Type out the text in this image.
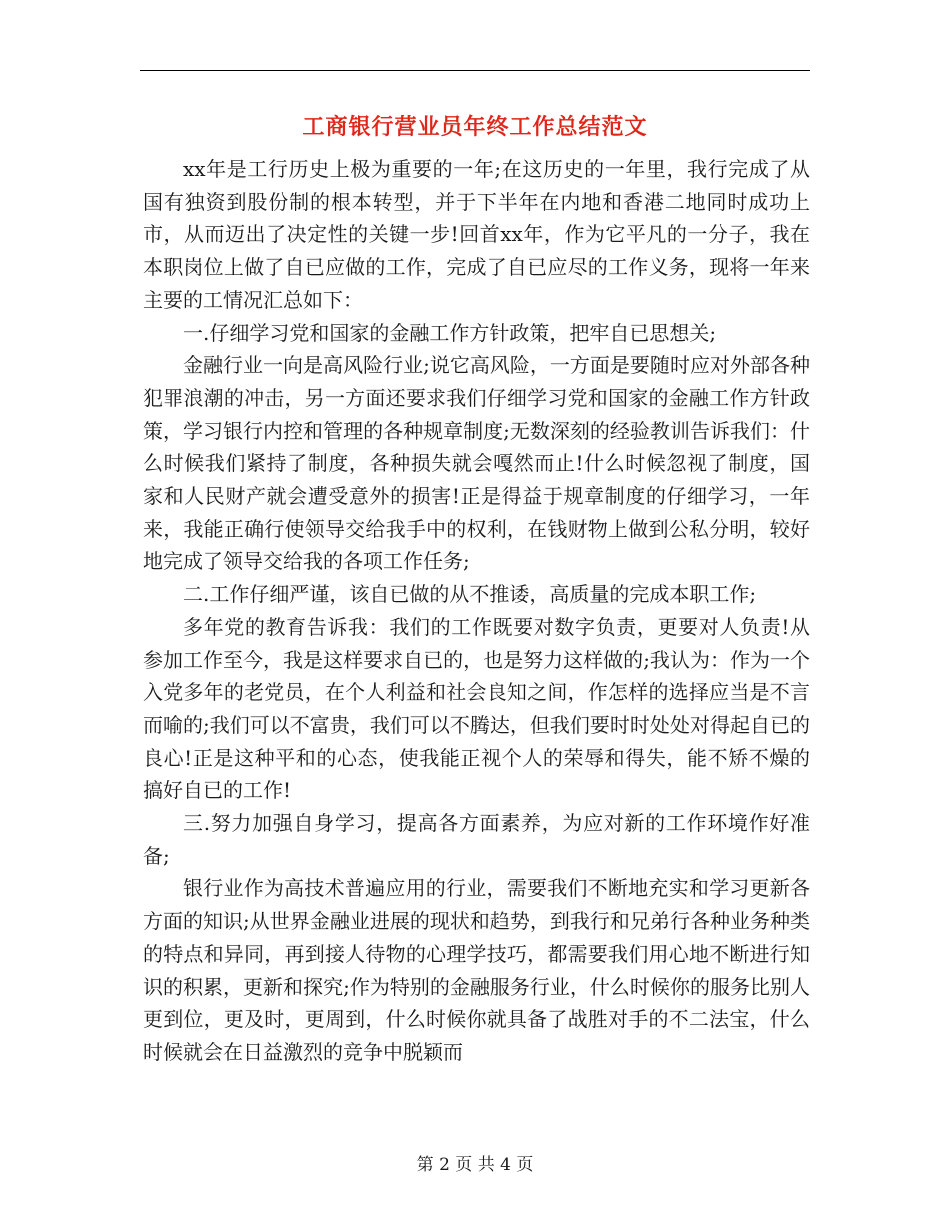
工商银行营业员年终工作总结范文

xx年是工行历史上极为重要的一年;在这历史的一年里，我行完成了从国有独资到股份制的根本转型，并于下半年在内地和香港二地同时成功上市，从而迈出了决定性的关键一步!回首xx年，作为它平凡的一分子，我在本职岗位上做了自已应做的工作，完成了自已应尽的工作义务，现将一年来主要的工情况汇总如下：

一.仔细学习党和国家的金融工作方针政策，把牢自已思想关;

金融行业一向是高风险行业;说它高风险，一方面是要随时应对外部各种犯罪浪潮的冲击，另一方面还要求我们仔细学习党和国家的金融工作方针政策，学习银行内控和管理的各种规章制度;无数深刻的经验教训告诉我们：什么时候我们紧持了制度，各种损失就会嘎然而止!什么时候忽视了制度，国家和人民财产就会遭受意外的损害!正是得益于规章制度的仔细学习，一年来，我能正确行使领导交给我手中的权利，在钱财物上做到公私分明，较好地完成了领导交给我的各项工作任务;

二.工作仔细严谨，该自已做的从不推诿，高质量的完成本职工作;

多年党的教育告诉我：我们的工作既要对数字负责，更要对人负责!从参加工作至今，我是这样要求自已的，也是努力这样做的;我认为：作为一个入党多年的老党员，在个人利益和社会良知之间，作怎样的选择应当是不言而喻的;我们可以不富贵，我们可以不腾达，但我们要时时处处对得起自已的良心!正是这种平和的心态，使我能正视个人的荣辱和得失，能不矫不燥的搞好自已的工作!

三.努力加强自身学习，提高各方面素养，为应对新的工作环境作好准备;

银行业作为高技术普遍应用的行业，需要我们不断地充实和学习更新各方面的知识;从世界金融业进展的现状和趋势，到我行和兄弟行各种业务种类的特点和异同，再到接人待物的心理学技巧，都需要我们用心地不断进行知识的积累，更新和探究;作为特别的金融服务行业，什么时候你的服务比别人更到位，更及时，更周到，什么时候你就具备了战胜对手的不二法宝，什么时候就会在日益激烈的竞争中脱颖而

第 2 页 共 4 页
